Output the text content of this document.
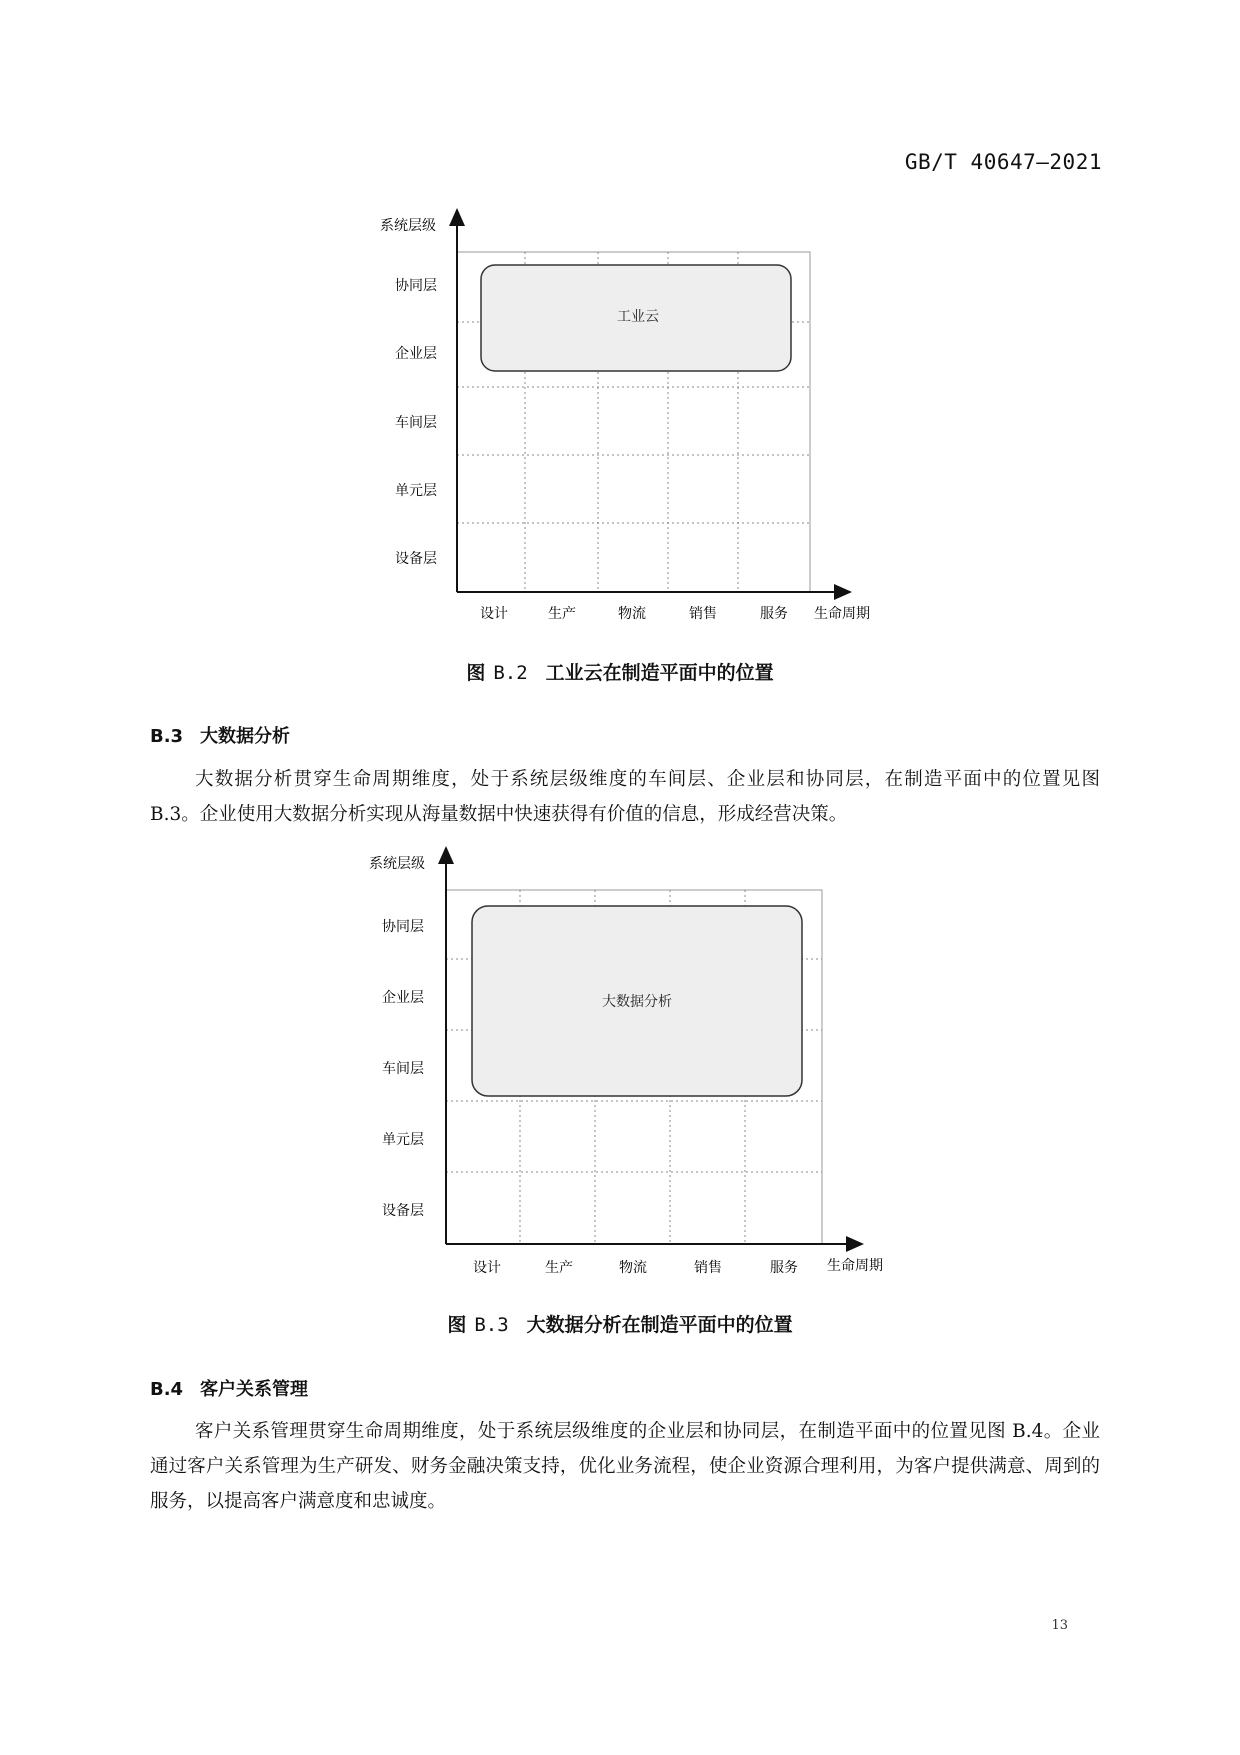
GB/T 40647—2021
工业云
系统层级
协同层
企业层
车间层
单元层
设备层
设计	生产	物流	销售	服务 生命周期
图 B.2 工业云在制造平面中的位置
B.3 大数据分析
大数据分析贯穿生命周期维度，处于系统层级维度的车间层、企业层和协同层，在制造平面中的位置见图 B.3。企业使用大数据分析实现从海量数据中快速获得有价值的信息，形成经营决策。
大数据分析
系统层级
协同层
企业层
车间层
单元层
设备层
设计	生产	物流	销售	服务 生命周期
图 B.3 大数据分析在制造平面中的位置
B.4 客户关系管理
客户关系管理贯穿生命周期维度，处于系统层级维度的企业层和协同层，在制造平面中的位置见图 B.4。企业通过客户关系管理为生产研发、财务金融决策支持，优化业务流程，使企业资源合理利用，为客户提供满意、周到的服务，以提高客户满意度和忠诚度。
13
